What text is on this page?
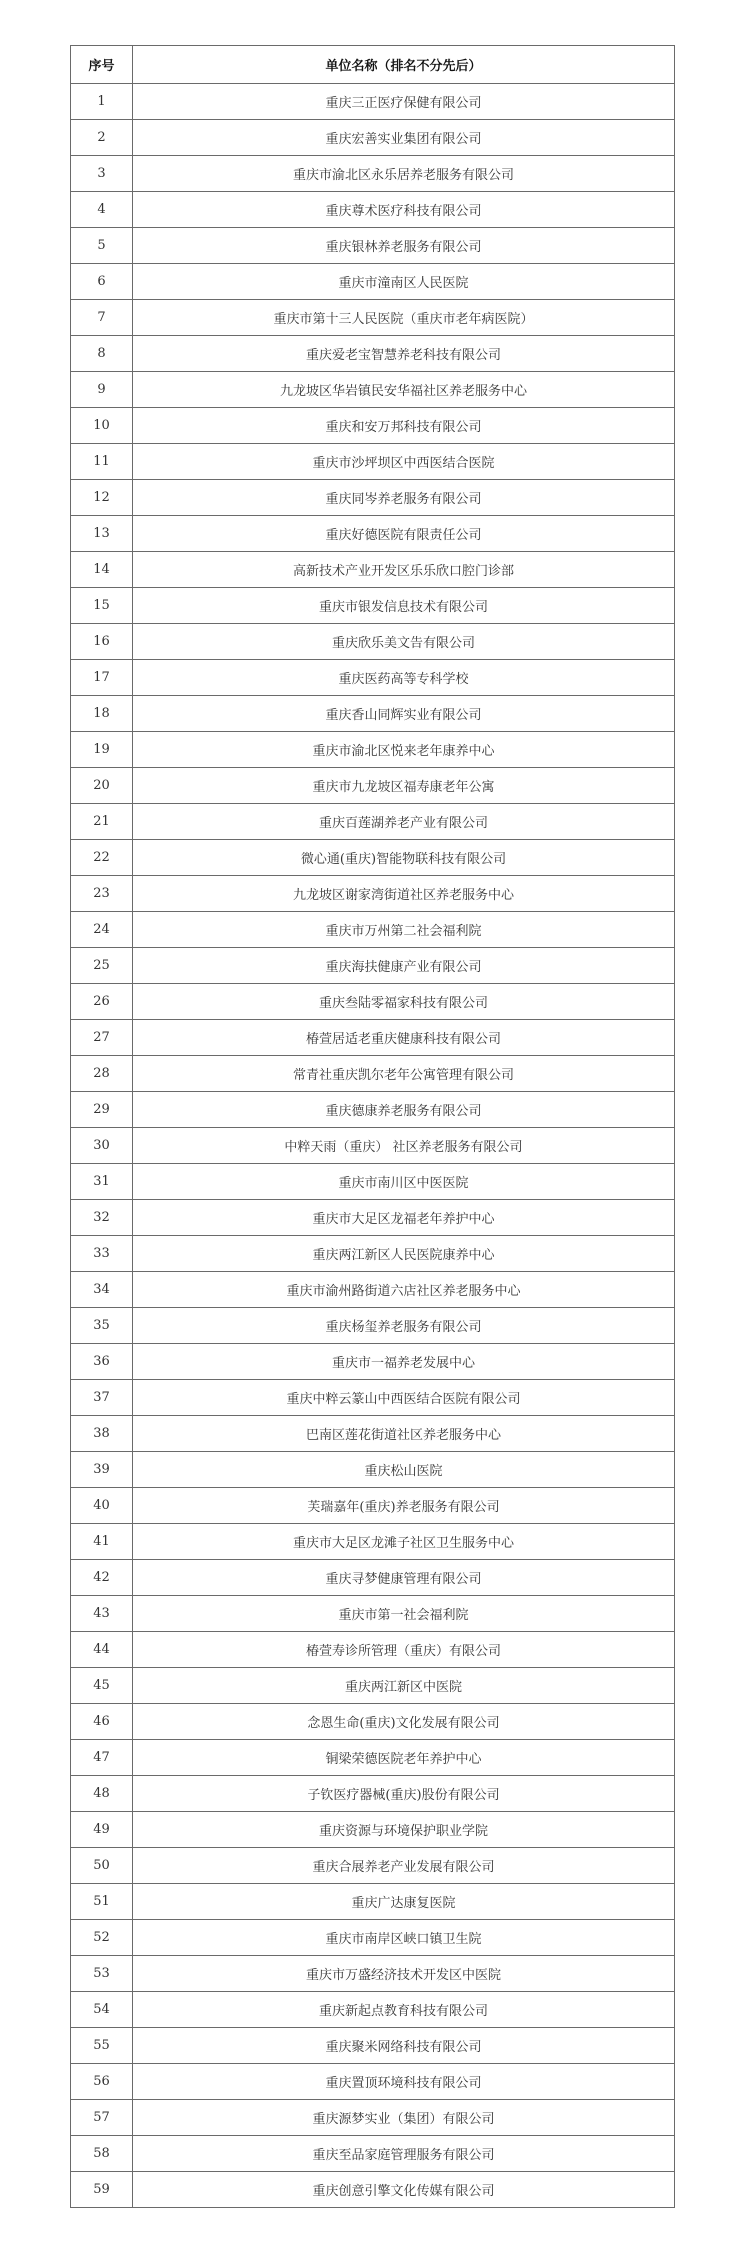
序号	单位名称（排名不分先后）
1	重庆三正医疗保健有限公司
2	重庆宏善实业集团有限公司
3	重庆市渝北区永乐居养老服务有限公司
4	重庆尊术医疗科技有限公司
5	重庆银林养老服务有限公司
6	重庆市潼南区人民医院
7	重庆市第十三人民医院（重庆市老年病医院）
8	重庆爱老宝智慧养老科技有限公司
9	九龙坡区华岩镇民安华福社区养老服务中心
10	重庆和安万邦科技有限公司
11	重庆市沙坪坝区中西医结合医院
12	重庆同岑养老服务有限公司
13	重庆好德医院有限责任公司
14	高新技术产业开发区乐乐欣口腔门诊部
15	重庆市银发信息技术有限公司
16	重庆欣乐美文告有限公司
17	重庆医药高等专科学校
18	重庆香山同辉实业有限公司
19	重庆市渝北区悦来老年康养中心
20	重庆市九龙坡区福寿康老年公寓
21	重庆百莲湖养老产业有限公司
22	微心通(重庆)智能物联科技有限公司
23	九龙坡区谢家湾街道社区养老服务中心
24	重庆市万州第二社会福利院
25	重庆海扶健康产业有限公司
26	重庆叁陆零福家科技有限公司
27	椿萱居适老重庆健康科技有限公司
28	常青社重庆凯尔老年公寓管理有限公司
29	重庆德康养老服务有限公司
30	中粹天雨（重庆） 社区养老服务有限公司
31	重庆市南川区中医医院
32	重庆市大足区龙福老年养护中心
33	重庆两江新区人民医院康养中心
34	重庆市渝州路街道六店社区养老服务中心
35	重庆杨玺养老服务有限公司
36	重庆市一福养老发展中心
37	重庆中粹云篆山中西医结合医院有限公司
38	巴南区莲花街道社区养老服务中心
39	重庆松山医院
40	芙瑞嘉年(重庆)养老服务有限公司
41	重庆市大足区龙滩子社区卫生服务中心
42	重庆寻梦健康管理有限公司
43	重庆市第一社会福利院
44	椿萱寿诊所管理（重庆）有限公司
45	重庆两江新区中医院
46	念恩生命(重庆)文化发展有限公司
47	铜梁荣德医院老年养护中心
48	子钦医疗器械(重庆)股份有限公司
49	重庆资源与环境保护职业学院
50	重庆合展养老产业发展有限公司
51	重庆广达康复医院
52	重庆市南岸区峡口镇卫生院
53	重庆市万盛经济技术开发区中医院
54	重庆新起点教育科技有限公司
55	重庆聚米网络科技有限公司
56	重庆置顶环境科技有限公司
57	重庆源梦实业（集团）有限公司
58	重庆至品家庭管理服务有限公司
59	重庆创意引擎文化传媒有限公司
